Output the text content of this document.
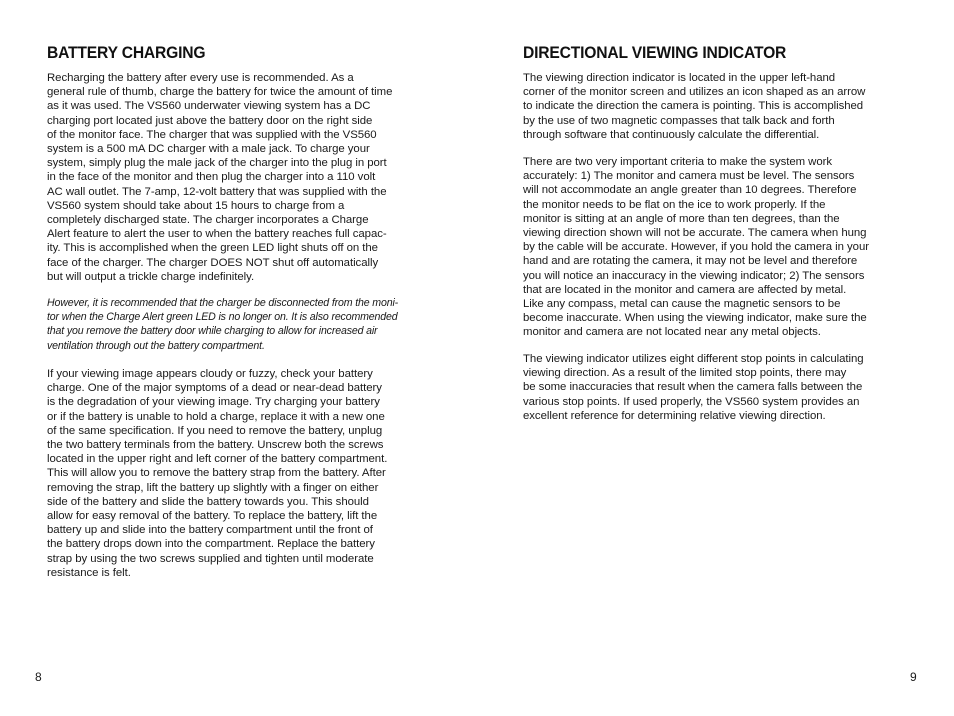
BATTERY CHARGING
Recharging the battery after every use is recommended. As a
general rule of thumb, charge the battery for twice the amount of time
as it was used. The VS560 underwater viewing system has a DC
charging port located just above the battery door on the right side
of the monitor face. The charger that was supplied with the VS560
system is a 500 mA DC charger with a male jack. To charge your
system, simply plug the male jack of the charger into the plug in port
in the face of the monitor and then plug the charger into a 110 volt
AC wall outlet. The 7-amp, 12-volt battery that was supplied with the
VS560 system should take about 15 hours to charge from a
completely discharged state. The charger incorporates a Charge
Alert feature to alert the user to when the battery reaches full capac-
ity. This is accomplished when the green LED light shuts off on the
face of the charger. The charger DOES NOT shut off automatically
but will output a trickle charge indefinitely.
However, it is recommended that the charger be disconnected from the moni-
tor when the Charge Alert green LED is no longer on. It is also recommended
that you remove the battery door while charging to allow for increased air
ventilation through out the battery compartment.
If your viewing image appears cloudy or fuzzy, check your battery
charge. One of the major symptoms of a dead or near-dead battery
is the degradation of your viewing image. Try charging your battery
or if the battery is unable to hold a charge, replace it with a new one
of the same specification. If you need to remove the battery, unplug
the two battery terminals from the battery. Unscrew both the screws
located in the upper right and left corner of the battery compartment.
This will allow you to remove the battery strap from the battery. After
removing the strap, lift the battery up slightly with a finger on either
side of the battery and slide the battery towards you. This should
allow for easy removal of the battery. To replace the battery, lift the
battery up and slide into the battery compartment until the front of
the battery drops down into the compartment. Replace the battery
strap by using the two screws supplied and tighten until moderate
resistance is felt.
8
DIRECTIONAL VIEWING INDICATOR
The viewing direction indicator is located in the upper left-hand
corner of the monitor screen and utilizes an icon shaped as an arrow
to indicate the direction the camera is pointing. This is accomplished
by the use of two magnetic compasses that talk back and forth
through software that continuously calculate the differential.
There are two very important criteria to make the system work
accurately: 1) The monitor and camera must be level. The sensors
will not accommodate an angle greater than 10 degrees. Therefore
the monitor needs to be flat on the ice to work properly. If the
monitor is sitting at an angle of more than ten degrees, than the
viewing direction shown will not be accurate. The camera when hung
by the cable will be accurate. However, if you hold the camera in your
hand and are rotating the camera, it may not be level and therefore
you will notice an inaccuracy in the viewing indicator; 2) The sensors
that are located in the monitor and camera are affected by metal.
Like any compass, metal can cause the magnetic sensors to be
become inaccurate. When using the viewing indicator, make sure the
monitor and camera are not located near any metal objects.
The viewing indicator utilizes eight different stop points in calculating
viewing direction. As a result of the limited stop points, there may
be some inaccuracies that result when the camera falls between the
various stop points. If used properly, the VS560 system provides an
excellent reference for determining relative viewing direction.
9
